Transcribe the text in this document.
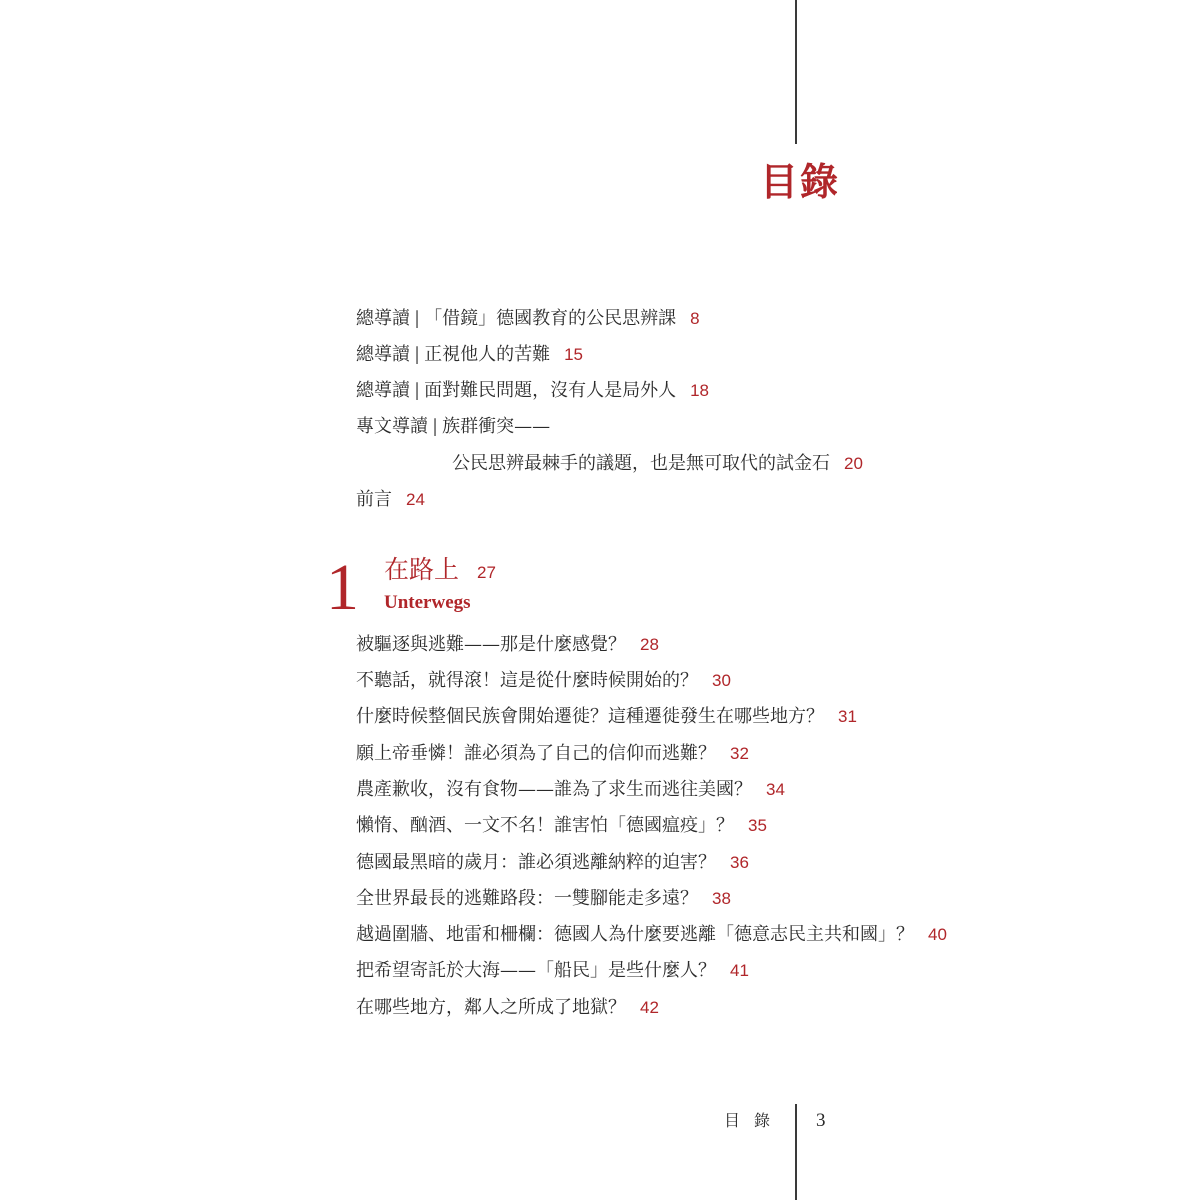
目錄
總導讀 | 「借鏡」德國教育的公民思辨課 8
總導讀 | 正視他人的苦難 15
總導讀 | 面對難民問題，沒有人是局外人 18
專文導讀 | 族群衝突——
公民思辨最棘手的議題，也是無可取代的試金石 20
前言 24
1 在路上 27
Unterwegs
被驅逐與逃難——那是什麼感覺？ 28
不聽話，就得滾！這是從什麼時候開始的？ 30
什麼時候整個民族會開始遷徙？這種遷徙發生在哪些地方？ 31
願上帝垂憐！誰必須為了自己的信仰而逃難？ 32
農產歉收，沒有食物——誰為了求生而逃往美國？ 34
懶惰、酗酒、一文不名！誰害怕「德國瘟疫」？ 35
德國最黑暗的歲月：誰必須逃離納粹的迫害？ 36
全世界最長的逃難路段：一雙腳能走多遠？ 38
越過圍牆、地雷和柵欄：德國人為什麼要逃離「德意志民主共和國」？ 40
把希望寄託於大海——「船民」是些什麼人？ 41
在哪些地方，鄰人之所成了地獄？ 42
目錄 3
